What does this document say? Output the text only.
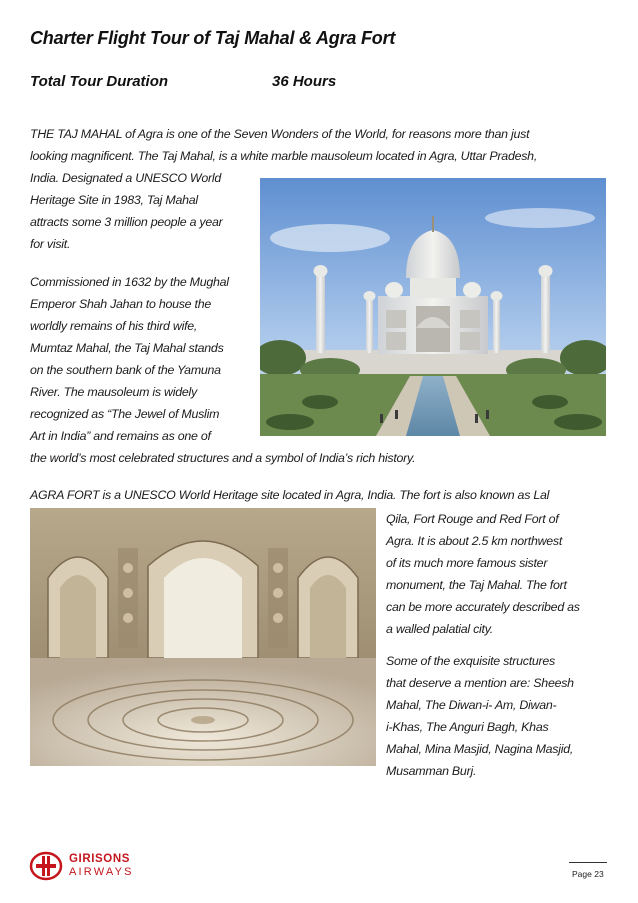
Charter Flight Tour of Taj Mahal & Agra Fort
Total Tour Duration	36 Hours
THE TAJ MAHAL of Agra is one of the Seven Wonders of the World, for reasons more than just
looking magnificent. The Taj Mahal, is a white marble mausoleum located in Agra, Uttar Pradesh,
India. Designated a UNESCO World
Heritage Site in 1983, Taj Mahal
attracts some 3 million people a year
for visit.
Commissioned in 1632 by the Mughal
Emperor Shah Jahan to house the
worldly remains of his third wife,
Mumtaz Mahal, the Taj Mahal stands
on the southern bank of the Yamuna
River. The mausoleum is widely
recognized as “The Jewel of Muslim
Art in India” and remains as one of
the world’s most celebrated structures and a symbol of India’s rich history.
AGRA FORT is a UNESCO World Heritage site located in Agra, India. The fort is also known as Lal
Qila, Fort Rouge and Red Fort of
Agra. It is about 2.5 km northwest
of its much more famous sister
monument, the Taj Mahal. The fort
can be more accurately described as
a walled palatial city.
Some of the exquisite structures
that deserve a mention are: Sheesh
Mahal, The Diwan-i- Am, Diwan-
i-Khas, The Anguri Bagh, Khas
Mahal, Mina Masjid, Nagina Masjid,
Musamman Burj.
GIRISONS
AIRWAYS	Page 23
